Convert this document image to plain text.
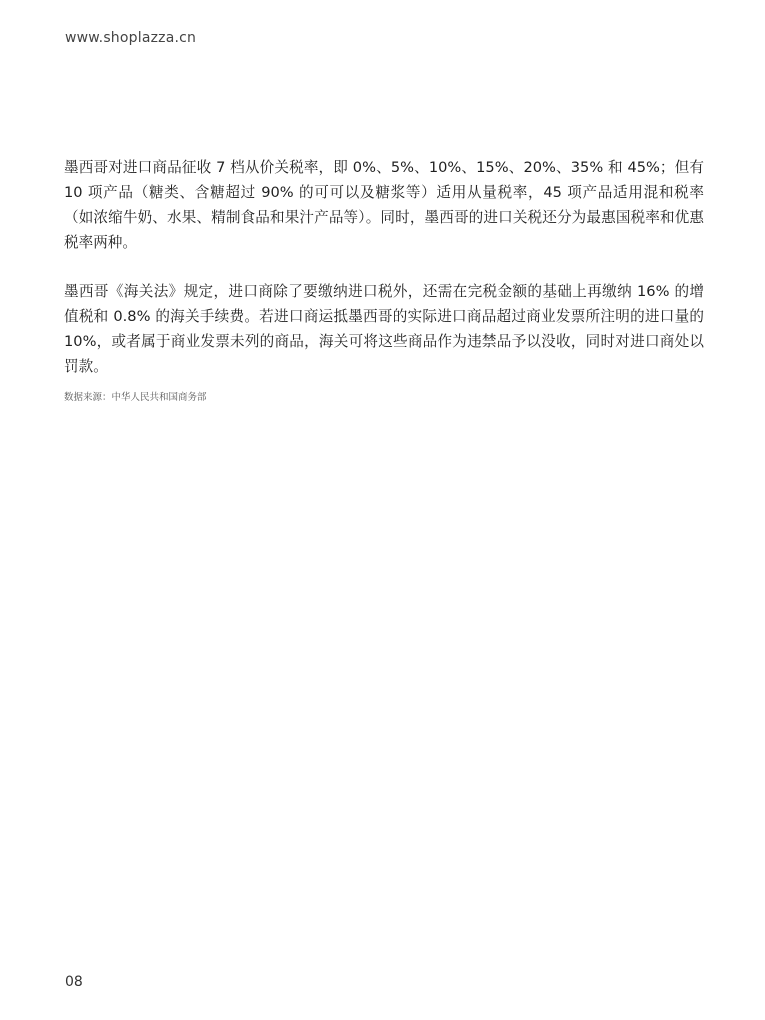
www.shoplazza.cn

墨西哥对进口商品征收 7 档从价关税率，即 0%、5%、10%、15%、20%、35% 和 45%；但有 10 项产品（糖类、含糖超过 90% 的可可以及糖浆等）适用从量税率，45 项产品适用混和税率（如浓缩牛奶、水果、精制食品和果汁产品等）。同时，墨西哥的进口关税还分为最惠国税率和优惠税率两种。

墨西哥《海关法》规定，进口商除了要缴纳进口税外，还需在完税金额的基础上再缴纳 16% 的增值税和 0.8% 的海关手续费。若进口商运抵墨西哥的实际进口商品超过商业发票所注明的进口量的 10%，或者属于商业发票未列的商品，海关可将这些商品作为违禁品予以没收，同时对进口商处以罚款。

数据来源：中华人民共和国商务部
08
